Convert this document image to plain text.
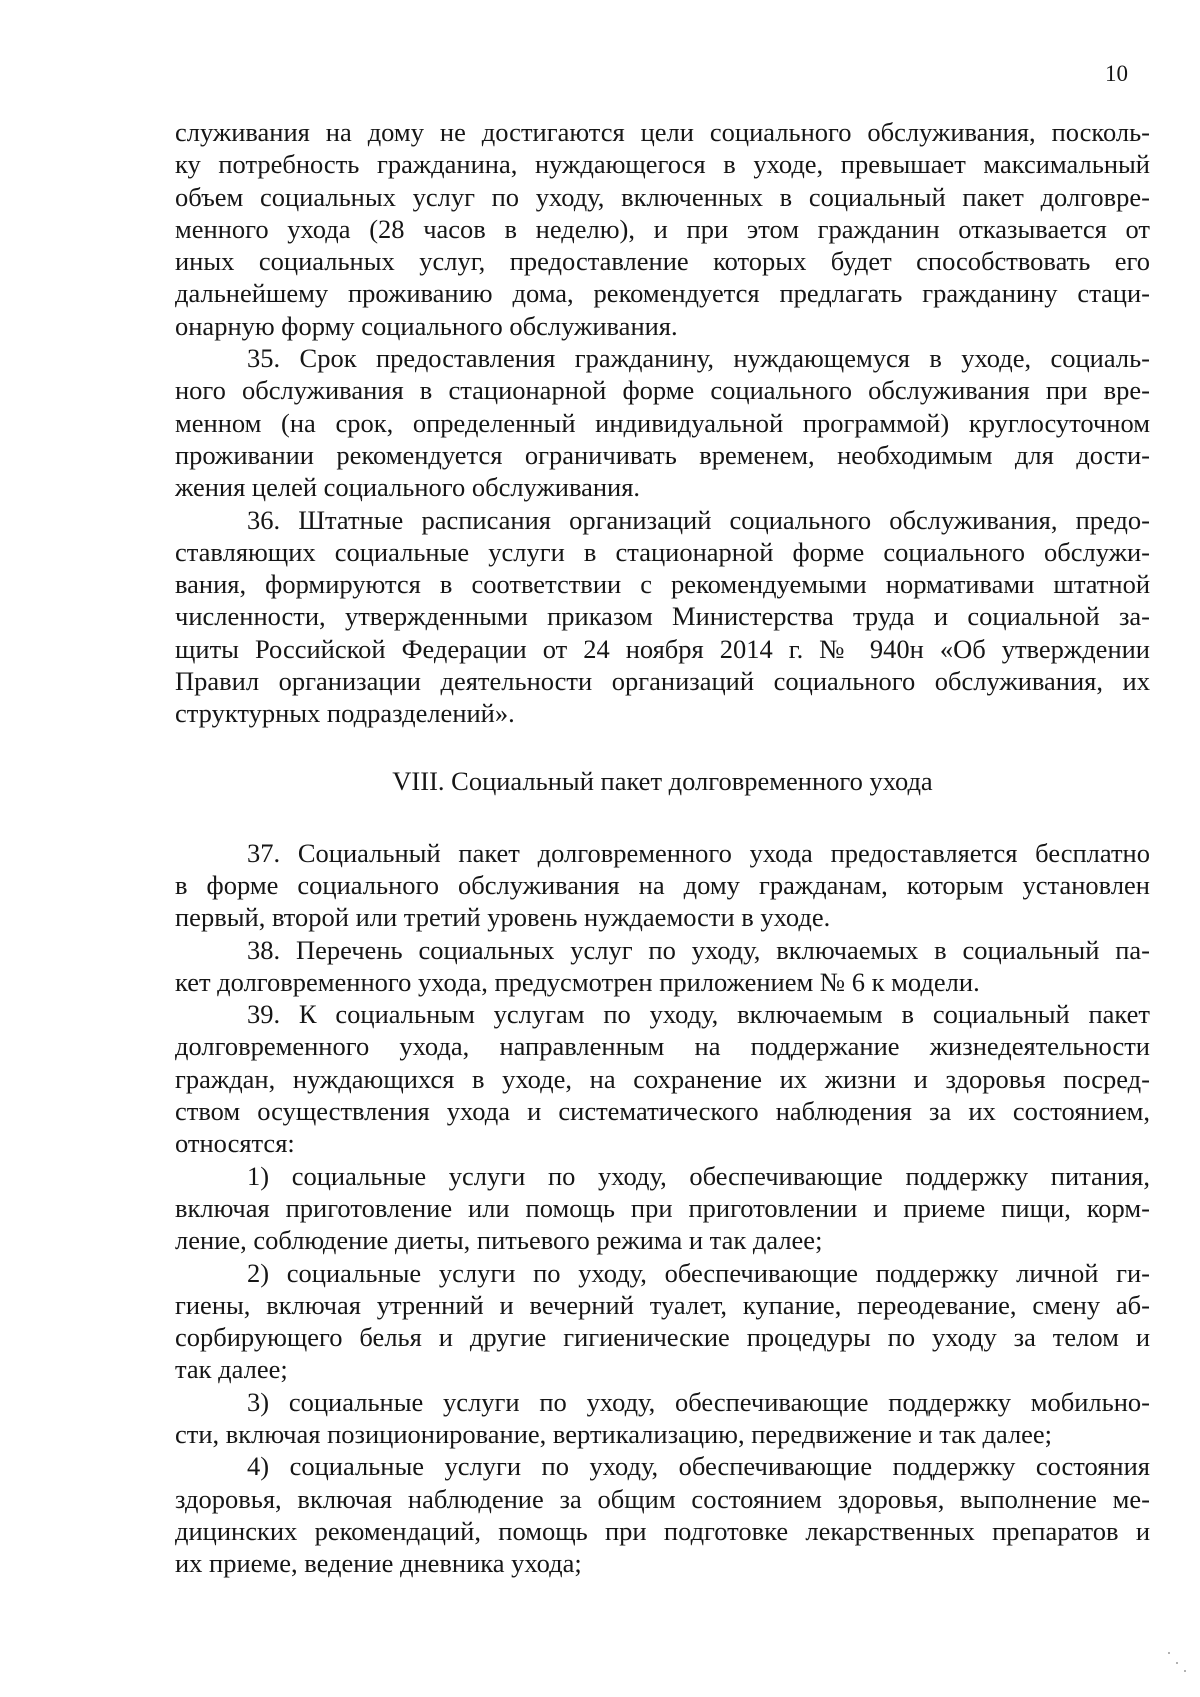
10
служивания на дому не достигаются цели социального обслуживания, посколь-
ку потребность гражданина, нуждающегося в уходе, превышает максимальный
объем социальных услуг по уходу, включенных в социальный пакет долговре-
менного ухода (28 часов в неделю), и при этом гражданин отказывается от
иных социальных услуг, предоставление которых будет способствовать его
дальнейшему проживанию дома, рекомендуется предлагать гражданину стаци-
онарную форму социального обслуживания.
35. Срок предоставления гражданину, нуждающемуся в уходе, социаль-
ного обслуживания в стационарной форме социального обслуживания при вре-
менном (на срок, определенный индивидуальной программой) круглосуточном
проживании рекомендуется ограничивать временем, необходимым для дости-
жения целей социального обслуживания.
36. Штатные расписания организаций социального обслуживания, предо-
ставляющих социальные услуги в стационарной форме социального обслужи-
вания, формируются в соответствии с рекомендуемыми нормативами штатной
численности, утвержденными приказом Министерства труда и социальной за-
щиты Российской Федерации от 24 ноября 2014 г. № 940н «Об утверждении
Правил организации деятельности организаций социального обслуживания, их
структурных подразделений».
VIII. Социальный пакет долговременного ухода
37. Социальный пакет долговременного ухода предоставляется бесплатно
в форме социального обслуживания на дому гражданам, которым установлен
первый, второй или третий уровень нуждаемости в уходе.
38. Перечень социальных услуг по уходу, включаемых в социальный па-
кет долговременного ухода, предусмотрен приложением № 6 к модели.
39. К социальным услугам по уходу, включаемым в социальный пакет
долговременного ухода, направленным на поддержание жизнедеятельности
граждан, нуждающихся в уходе, на сохранение их жизни и здоровья посред-
ством осуществления ухода и систематического наблюдения за их состоянием,
относятся:
1) социальные услуги по уходу, обеспечивающие поддержку питания,
включая приготовление или помощь при приготовлении и приеме пищи, корм-
ление, соблюдение диеты, питьевого режима и так далее;
2) социальные услуги по уходу, обеспечивающие поддержку личной ги-
гиены, включая утренний и вечерний туалет, купание, переодевание, смену аб-
сорбирующего белья и другие гигиенические процедуры по уходу за телом и
так далее;
3) социальные услуги по уходу, обеспечивающие поддержку мобильно-
сти, включая позиционирование, вертикализацию, передвижение и так далее;
4) социальные услуги по уходу, обеспечивающие поддержку состояния
здоровья, включая наблюдение за общим состоянием здоровья, выполнение ме-
дицинских рекомендаций, помощь при подготовке лекарственных препаратов и
их приеме, ведение дневника ухода;
